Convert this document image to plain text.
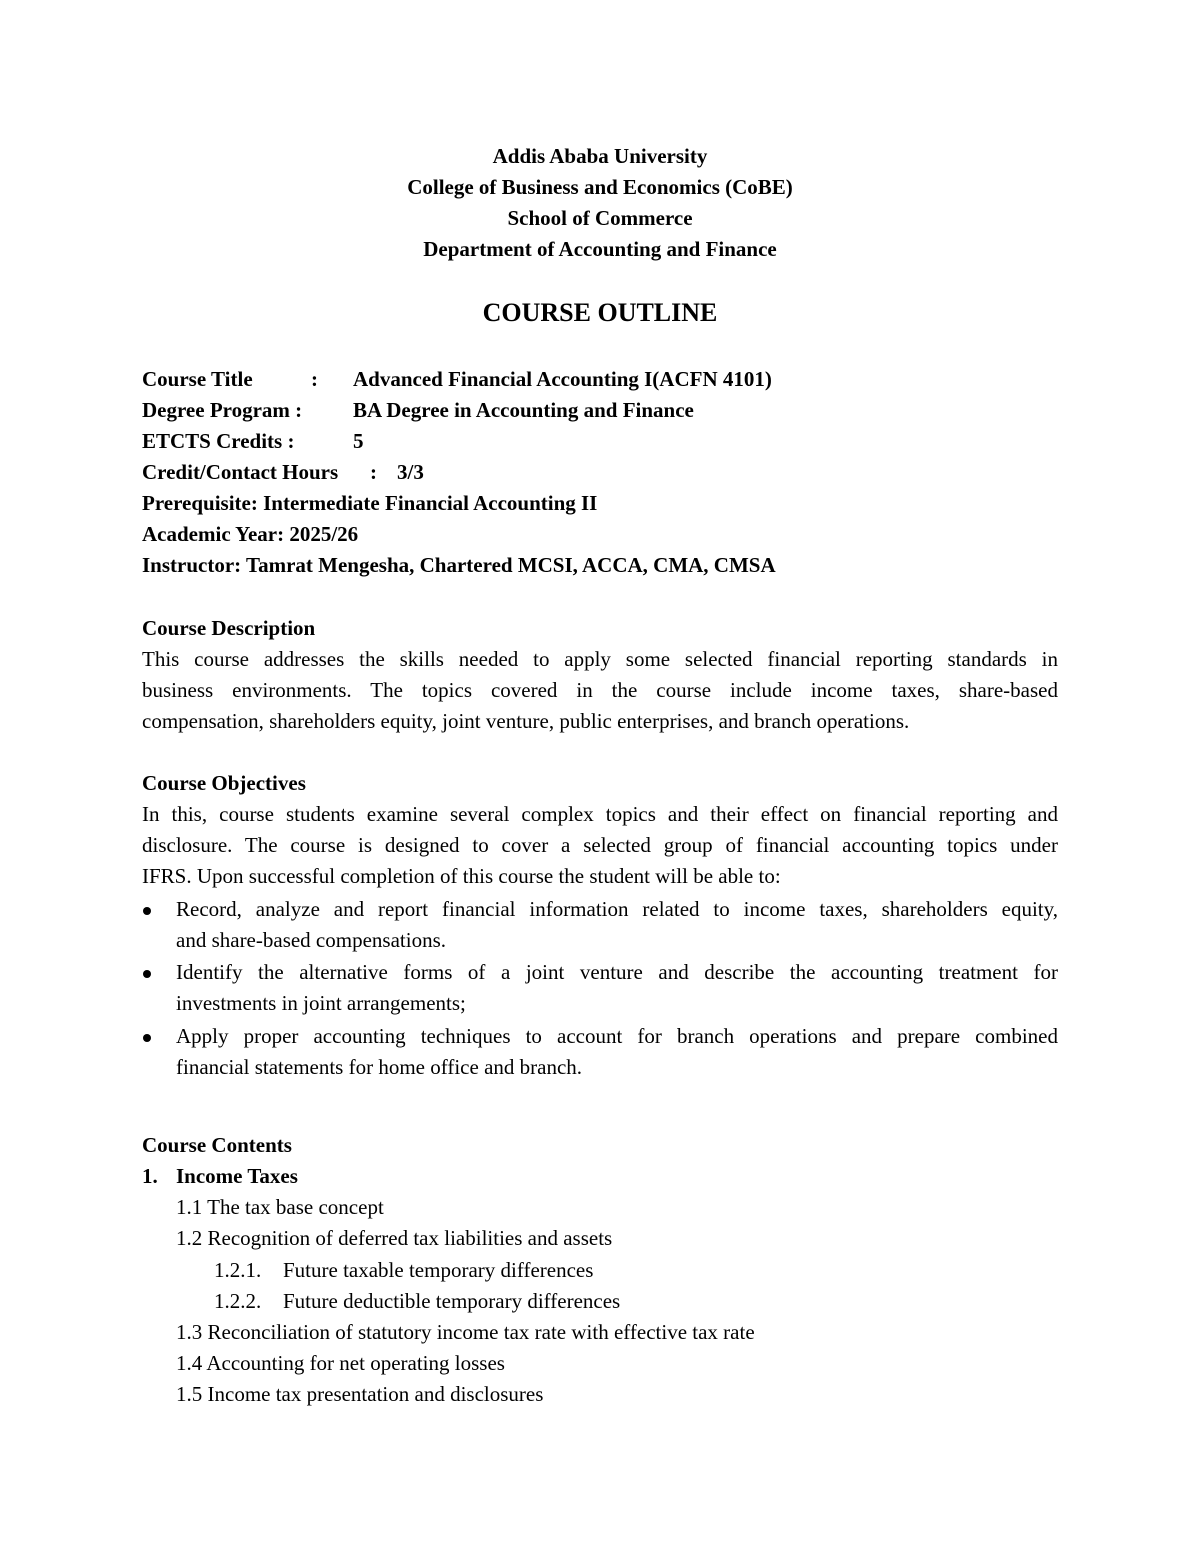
Addis Ababa University
College of Business and Economics (CoBE)
School of Commerce
Department of Accounting and Finance
COURSE OUTLINE
Course Title	: Advanced Financial Accounting I(ACFN 4101)
Degree Program : BA Degree in Accounting and Finance
ETCTS Credits :	5
Credit/Contact Hours : 3/3
Prerequisite: Intermediate Financial Accounting II
Academic Year: 2025/26
Instructor: Tamrat Mengesha, Chartered MCSI, ACCA, CMA, CMSA
Course Description
This course addresses the skills needed to apply some selected financial reporting standards in
business environments. The topics covered in the course include income taxes, share-based
compensation, shareholders equity, joint venture, public enterprises, and branch operations.
Course Objectives
In this, course students examine several complex topics and their effect on financial reporting and
disclosure. The course is designed to cover a selected group of financial accounting topics under
IFRS. Upon successful completion of this course the student will be able to:
Record, analyze and report financial information related to income taxes, shareholders equity,
and share-based compensations.
Identify the alternative forms of a joint venture and describe the accounting treatment for
investments in joint arrangements;
Apply proper accounting techniques to account for branch operations and prepare combined
financial statements for home office and branch.
Course Contents
1. Income Taxes
1.1 The tax base concept
1.2 Recognition of deferred tax liabilities and assets
1.2.1. Future taxable temporary differences
1.2.2. Future deductible temporary differences
1.3 Reconciliation of statutory income tax rate with effective tax rate
1.4 Accounting for net operating losses
1.5 Income tax presentation and disclosures
